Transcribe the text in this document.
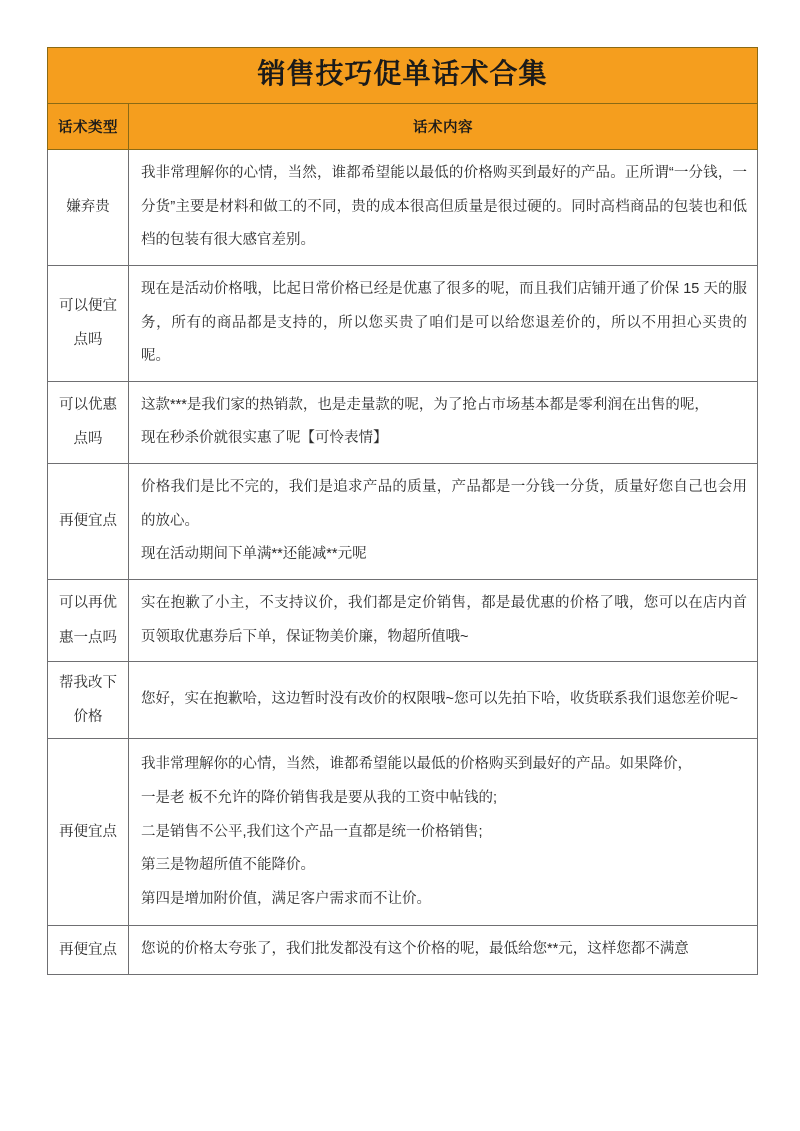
销售技巧促单话术合集	

话术类型	话术内容
嫌弃贵	我非常理解你的心情，当然，谁都希望能以最低的价格购买到最好的产品。正所谓“一分钱，一分货”主要是材料和做工的不同，贵的成本很高但质量是很过硬的。同时高档商品的包装也和低档的包装有很大感官差别。

可以便宜点吗	现在是活动价格哦，比起日常价格已经是优惠了很多的呢，而且我们店铺开通了价保 15 天的服务，所有的商品都是支持的，所以您买贵了咱们是可以给您退差价的，所以不用担心买贵的呢。

可以优惠点吗	这款***是我们家的热销款，也是走量款的呢，为了抢占市场基本都是零利润在出售的呢，

现在秒杀价就很实惠了呢【可怜表情】

再便宜点	价格我们是比不完的，我们是追求产品的质量，产品都是一分钱一分货，质量好您自己也会用的放心。

现在活动期间下单满**还能减**元呢

可以再优惠一点吗	实在抱歉了小主，不支持议价，我们都是定价销售，都是最优惠的价格了哦，您可以在店内首页领取优惠券后下单，保证物美价廉，物超所值哦~

帮我改下价格	您好，实在抱歉哈，这边暂时没有改价的权限哦~您可以先拍下哈，收货联系我们退您差价呢~

再便宜点	我非常理解你的心情，当然，谁都希望能以最低的价格购买到最好的产品。如果降价，

一是老 板不允许的降价销售我是要从我的工资中帖钱的;

二是销售不公平,我们这个产品一直都是统一价格销售;

第三是物超所值不能降价。

第四是增加附价值，满足客户需求而不让价。

再便宜点	您说的价格太夸张了，我们批发都没有这个价格的呢，最低给您**元，这样您都不满意
